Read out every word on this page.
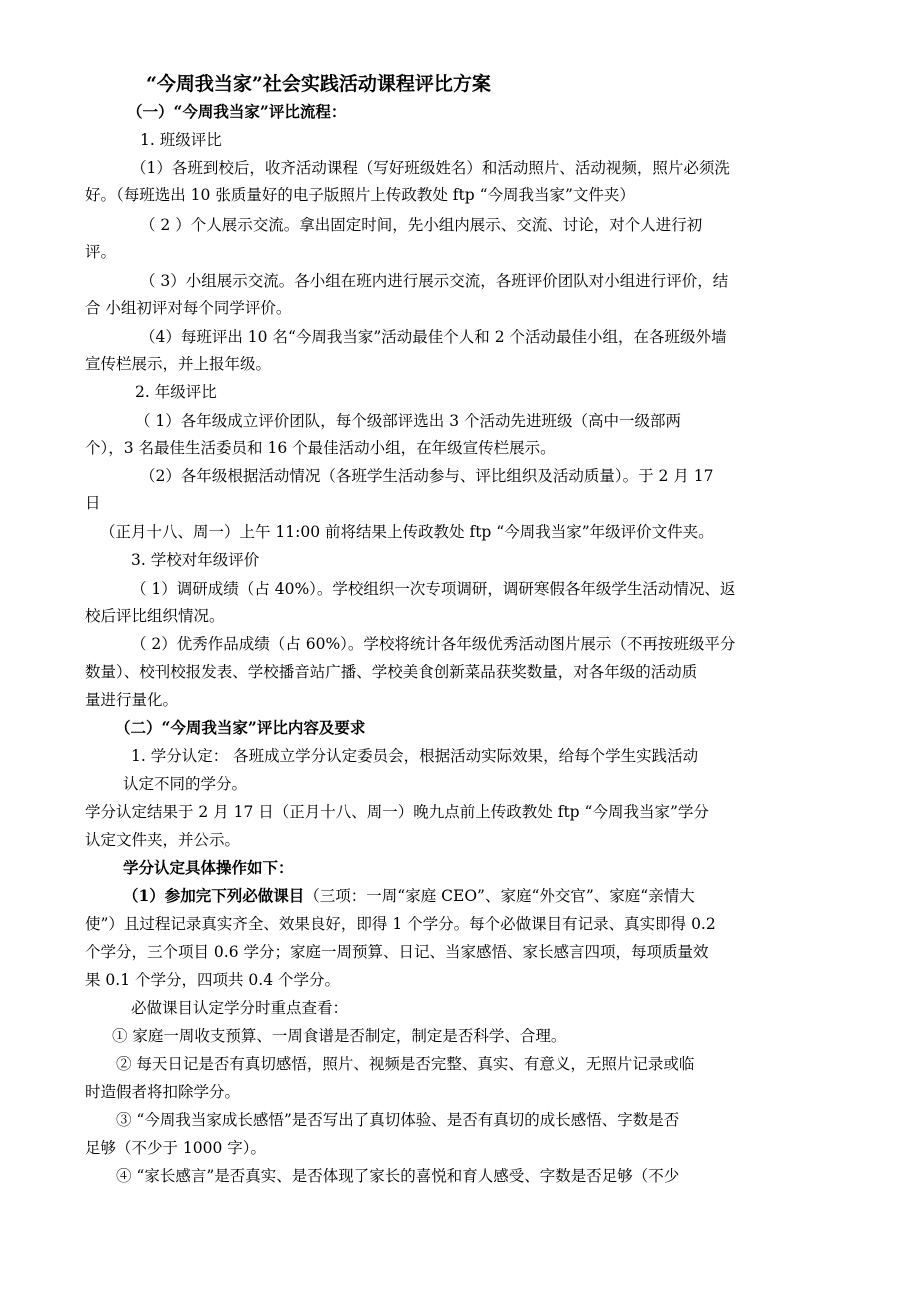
“今周我当家”社会实践活动课程评比方案
（一）“今周我当家”评比流程：
1. 班级评比
（1）各班到校后，收齐活动课程（写好班级姓名）和活动照片、活动视频，照片必须洗
好。（每班选出 10 张质量好的电子版照片上传政教处 ftp “今周我当家”文件夹）
（ 2 ）个人展示交流。拿出固定时间，先小组内展示、交流、讨论，对个人进行初
评。
（ 3）小组展示交流。各小组在班内进行展示交流，各班评价团队对小组进行评价，结
合 小组初评对每个同学评价。
（4）每班评出 10 名“今周我当家”活动最佳个人和 2 个活动最佳小组，在各班级外墙
宣传栏展示，并上报年级。
2. 年级评比
（ 1）各年级成立评价团队，每个级部评选出 3 个活动先进班级（高中一级部两
个），3 名最佳生活委员和 16 个最佳活动小组，在年级宣传栏展示。
（2）各年级根据活动情况（各班学生活动参与、评比组织及活动质量）。于 2 月 17
日
（正月十八、周一）上午 11:00 前将结果上传政教处 ftp “今周我当家”年级评价文件夹。
3. 学校对年级评价
（ 1）调研成绩（占 40%）。学校组织一次专项调研，调研寒假各年级学生活动情况、返
校后评比组织情况。
（ 2）优秀作品成绩（占 60%）。学校将统计各年级优秀活动图片展示（不再按班级平分
数量）、校刊校报发表、学校播音站广播、学校美食创新菜品获奖数量，对各年级的活动质
量进行量化。
（二）“今周我当家”评比内容及要求
1. 学分认定： 各班成立学分认定委员会，根据活动实际效果，给每个学生实践活动
认定不同的学分。
学分认定结果于 2 月 17 日（正月十八、周一）晚九点前上传政教处 ftp “今周我当家”学分
认定文件夹，并公示。
学分认定具体操作如下：
（1）参加完下列必做课目（三项：一周“家庭 CEO”、家庭“外交官”、家庭“亲情大
使”）且过程记录真实齐全、效果良好，即得 1 个学分。每个必做课目有记录、真实即得 0.2
个学分，三个项目 0.6 学分；家庭一周预算、日记、当家感悟、家长感言四项，每项质量效
果 0.1 个学分，四项共 0.4 个学分。
必做课目认定学分时重点查看：
① 家庭一周收支预算、一周食谱是否制定，制定是否科学、合理。
② 每天日记是否有真切感悟，照片、视频是否完整、真实、有意义，无照片记录或临
时造假者将扣除学分。
③ “今周我当家成长感悟”是否写出了真切体验、是否有真切的成长感悟、字数是否
足够（不少于 1000 字）。
④ “家长感言”是否真实、是否体现了家长的喜悦和育人感受、字数是否足够（不少
